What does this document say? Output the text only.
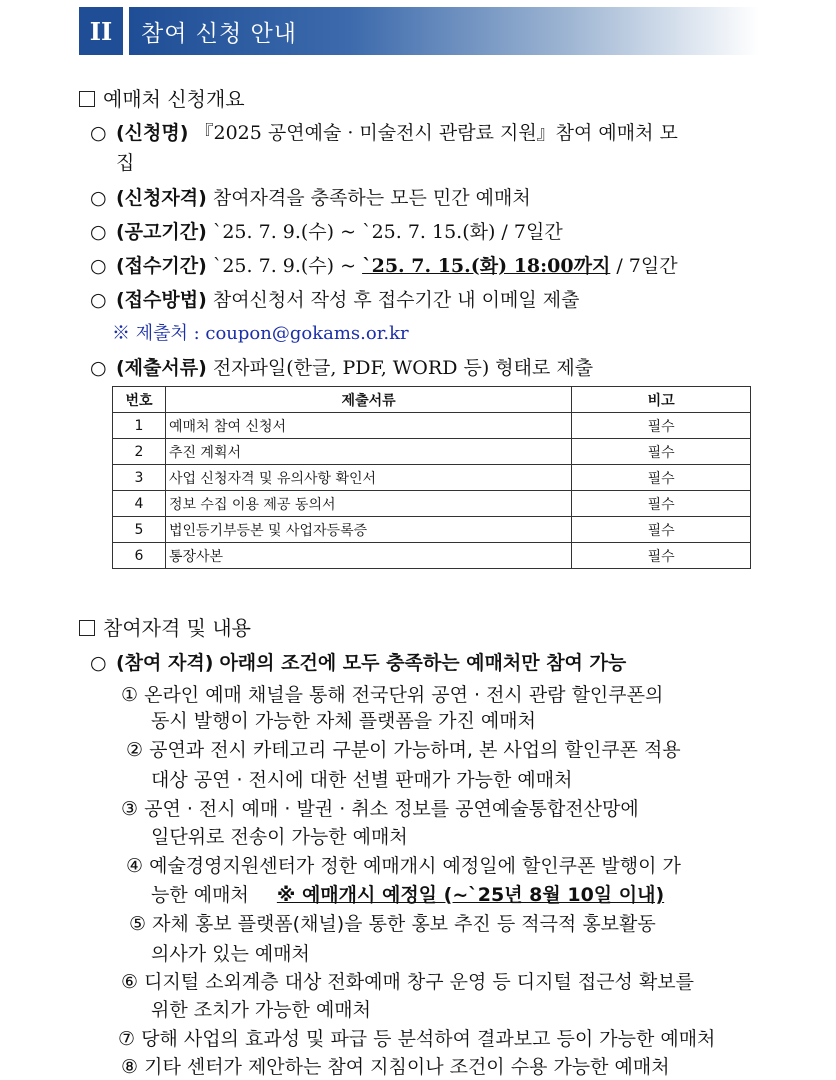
II	참여 신청 안내
예매처 신청개요
○ (신청명) 『2025 공연예술 · 미술전시 관람료 지원』참여 예매처 모
집
○ (신청자격) 참여자격을 충족하는 모든 민간 예매처
○ (공고기간) `25. 7. 9.(수) ~ `25. 7. 15.(화) / 7일간
○ (접수기간) `25. 7. 9.(수) ~ `25. 7. 15.(화) 18:00까지 / 7일간
○ (접수방법) 참여신청서 작성 후 접수기간 내 이메일 제출
※ 제출처 : coupon@gokams.or.kr
○ (제출서류) 전자파일(한글, PDF, WORD 등) 형태로 제출
번호	제출서류	비고
1	예매처 참여 신청서	필수
2	추진 계획서	필수
3	사업 신청자격 및 유의사항 확인서	필수
4	정보 수집 이용 제공 동의서	필수
5	법인등기부등본 및 사업자등록증	필수
6	통장사본	필수
참여자격 및 내용
○ (참여 자격) 아래의 조건에 모두 충족하는 예매처만 참여 가능
① 온라인 예매 채널을 통해 전국단위 공연 · 전시 관람 할인쿠폰의
동시 발행이 가능한 자체 플랫폼을 가진 예매처
② 공연과 전시 카테고리 구분이 가능하며, 본 사업의 할인쿠폰 적용
대상 공연 · 전시에 대한 선별 판매가 가능한 예매처
③ 공연 · 전시 예매 · 발권 · 취소 정보를 공연예술통합전산망에
일단위로 전송이 가능한 예매처
④ 예술경영지원센터가 정한 예매개시 예정일에 할인쿠폰 발행이 가
능한 예매처 ※ 예매개시 예정일 (~`25년 8월 10일 이내)
⑤ 자체 홍보 플랫폼(채널)을 통한 홍보 추진 등 적극적 홍보활동
의사가 있는 예매처
⑥ 디지털 소외계층 대상 전화예매 창구 운영 등 디지털 접근성 확보를
위한 조치가 가능한 예매처
⑦ 당해 사업의 효과성 및 파급 등 분석하여 결과보고 등이 가능한 예매처
⑧ 기타 센터가 제안하는 참여 지침이나 조건이 수용 가능한 예매처
